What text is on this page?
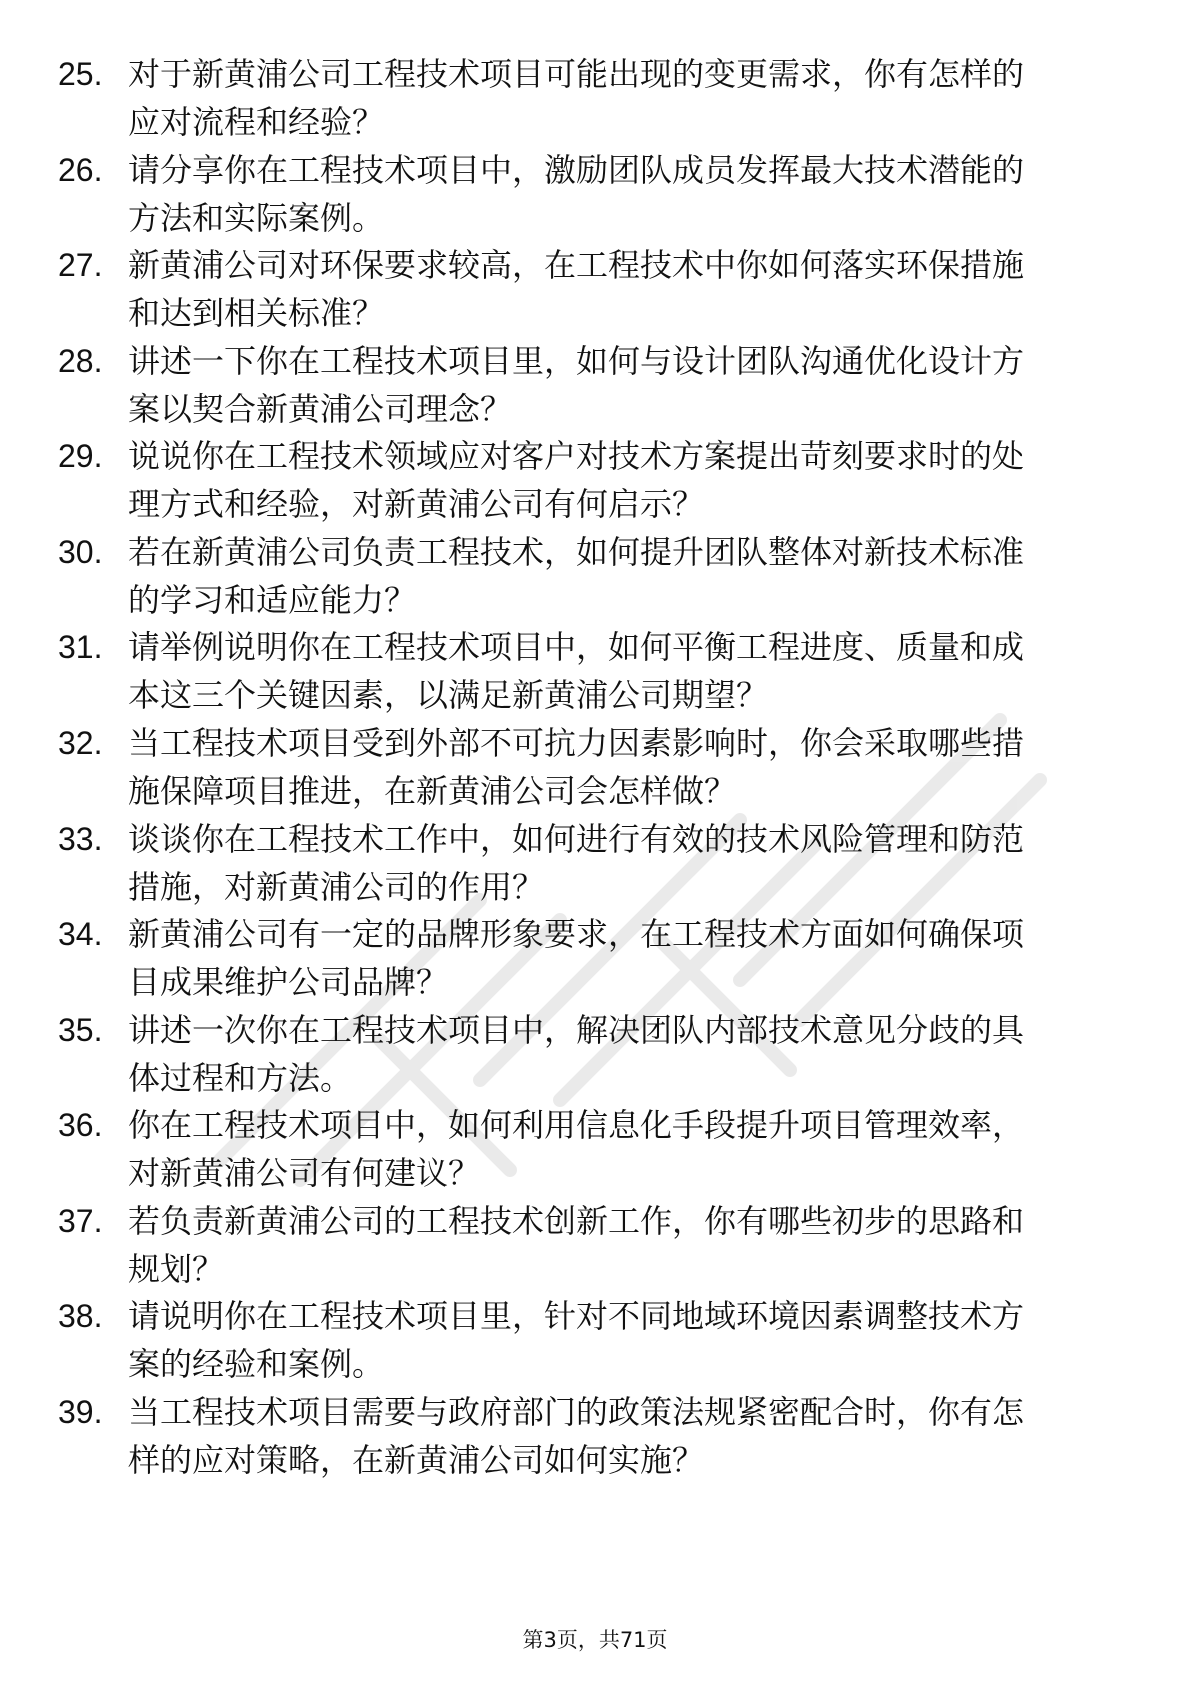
25. 对于新黄浦公司工程技术项目可能出现的变更需求，你有怎样的
应对流程和经验？
26. 请分享你在工程技术项目中，激励团队成员发挥最大技术潜能的
方法和实际案例。
27. 新黄浦公司对环保要求较高，在工程技术中你如何落实环保措施
和达到相关标准？
28. 讲述一下你在工程技术项目里，如何与设计团队沟通优化设计方
案以契合新黄浦公司理念？
29. 说说你在工程技术领域应对客户对技术方案提出苛刻要求时的处
理方式和经验，对新黄浦公司有何启示？
30. 若在新黄浦公司负责工程技术，如何提升团队整体对新技术标准
的学习和适应能力？
31. 请举例说明你在工程技术项目中，如何平衡工程进度、质量和成
本这三个关键因素，以满足新黄浦公司期望？
32. 当工程技术项目受到外部不可抗力因素影响时，你会采取哪些措
施保障项目推进，在新黄浦公司会怎样做？
33. 谈谈你在工程技术工作中，如何进行有效的技术风险管理和防范
措施，对新黄浦公司的作用？
34. 新黄浦公司有一定的品牌形象要求，在工程技术方面如何确保项
目成果维护公司品牌？
35. 讲述一次你在工程技术项目中，解决团队内部技术意见分歧的具
体过程和方法。
36. 你在工程技术项目中，如何利用信息化手段提升项目管理效率，
对新黄浦公司有何建议？
37. 若负责新黄浦公司的工程技术创新工作，你有哪些初步的思路和
规划？
38. 请说明你在工程技术项目里，针对不同地域环境因素调整技术方
案的经验和案例。
39. 当工程技术项目需要与政府部门的政策法规紧密配合时，你有怎
样的应对策略，在新黄浦公司如何实施？
第3页，共71页
